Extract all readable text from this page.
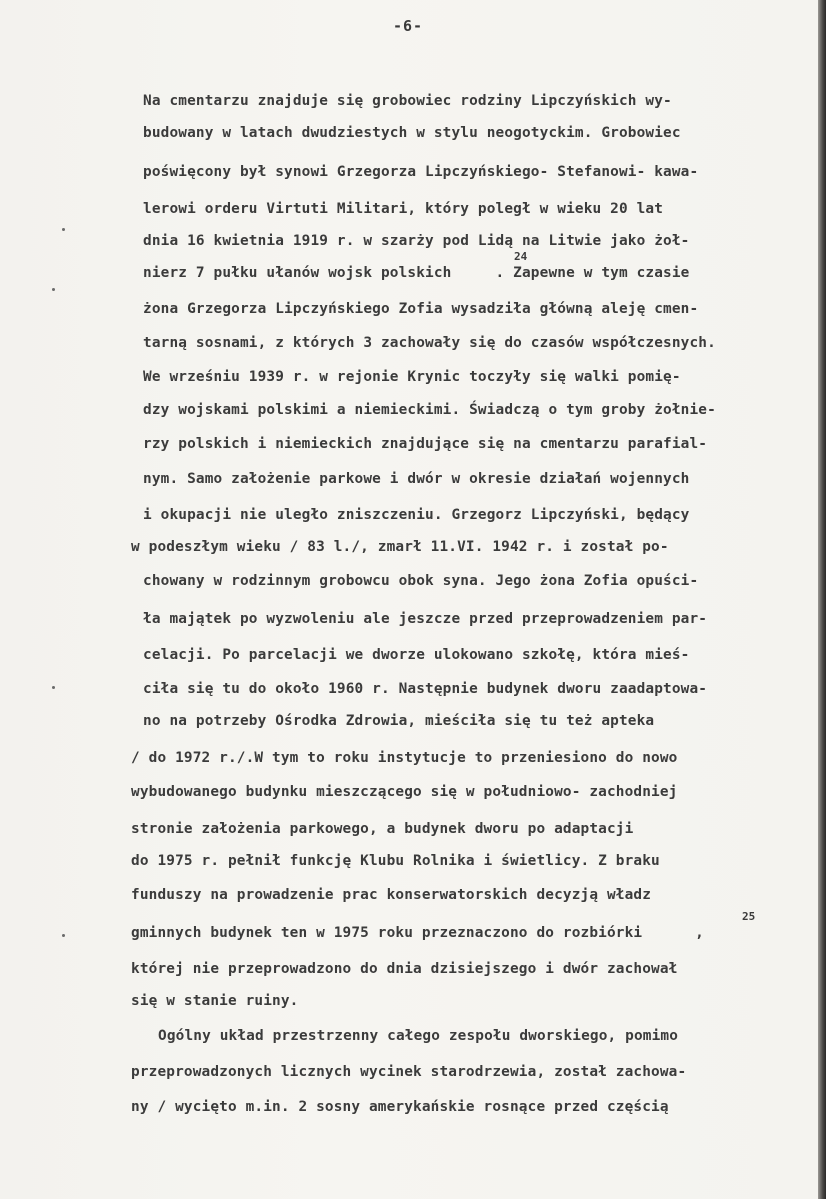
-6-
Na cmentarzu znajduje się grobowiec rodziny Lipczyńskich wy-
budowany w latach dwudziestych w stylu neogotyckim. Grobowiec
poświęcony był synowi Grzegorza Lipczyńskiego- Stefanowi- kawa-
lerowi orderu Virtuti Militari, który poległ w wieku 20 lat
dnia 16 kwietnia 1919 r. w szarży pod Lidą na Litwie jako żoł-
nierz 7 pułku ułanów wojsk polskich     . Zapewne w tym czasie
24
żona Grzegorza Lipczyńskiego Zofia wysadziła główną aleję cmen-
tarną sosnami, z których 3 zachowały się do czasów współczesnych.
We wrześniu 1939 r. w rejonie Krynic toczyły się walki pomię-
dzy wojskami polskimi a niemieckimi. Świadczą o tym groby żołnie-
rzy polskich i niemieckich znajdujące się na cmentarzu parafial-
nym. Samo założenie parkowe i dwór w okresie działań wojennych
i okupacji nie uległo zniszczeniu. Grzegorz Lipczyński, będący
w podeszłym wieku / 83 l./, zmarł 11.VI. 1942 r. i został po-
chowany w rodzinnym grobowcu obok syna. Jego żona Zofia opuści-
ła majątek po wyzwoleniu ale jeszcze przed przeprowadzeniem par-
celacji. Po parcelacji we dworze ulokowano szkołę, która mieś-
ciła się tu do około 1960 r. Następnie budynek dworu zaadaptowa-
no na potrzeby Ośrodka Zdrowia, mieściła się tu też apteka
/ do 1972 r./.W tym to roku instytucje to przeniesiono do nowo
wybudowanego budynku mieszczącego się w południowo- zachodniej
stronie założenia parkowego, a budynek dworu po adaptacji
do 1975 r. pełnił funkcję Klubu Rolnika i świetlicy. Z braku
funduszy na prowadzenie prac konserwatorskich decyzją władz
gminnych budynek ten w 1975 roku przeznaczono do rozbiórki      ,
25
której nie przeprowadzono do dnia dzisiejszego i dwór zachował
się w stanie ruiny.
Ogólny układ przestrzenny całego zespołu dworskiego, pomimo
przeprowadzonych licznych wycinek starodrzewia, został zachowa-
ny / wycięto m.in. 2 sosny amerykańskie rosnące przed częścią
